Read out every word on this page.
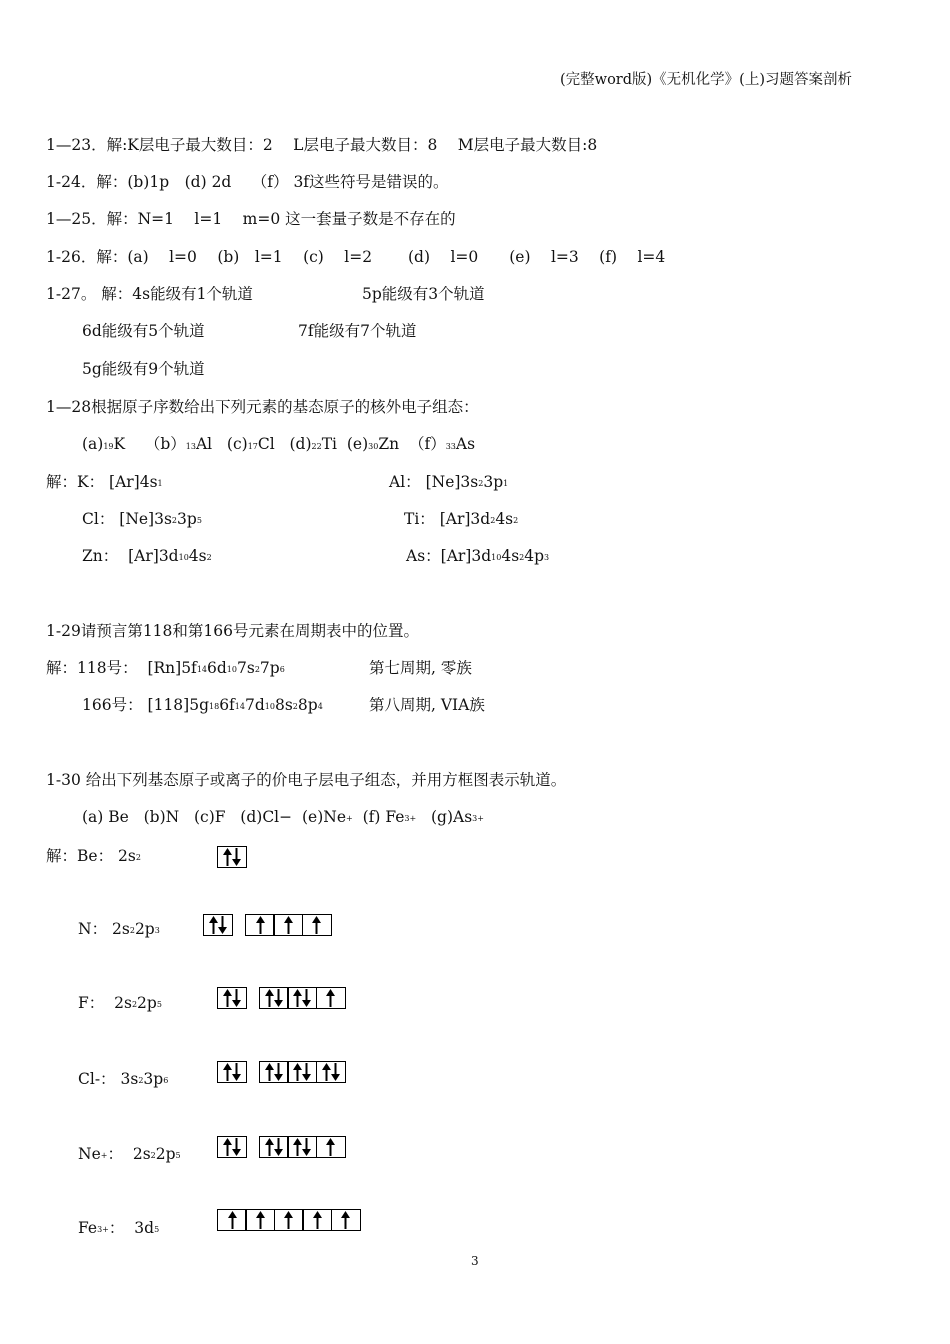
(完整word版)《无机化学》(上)习题答案剖析
1—23．解:K层电子最大数目：2　 L层电子最大数目：8　 M层电子最大数目:8
1-24．解：(b)1p　(d) 2d　 （f） 3f这些符号是错误的。
1—25．解：N=1　 l=1　 m=0 这一套量子数是不存在的
1-26．解：(a)　 l=0　 (b)　l=1　 (c)　 l=2　　 (d)　 l=0　　(e)　 l=3　 (f)　 l=4
1-27。 解：4s能级有1个轨道	5p能级有3个轨道
6d能级有5个轨道	7f能级有7个轨道
5g能级有9个轨道
1—28根据原子序数给出下列元素的基态原子的核外电子组态：
(a)19K （b）13Al (c)17Cl (d)22Ti (e)30Zn （f）33As
解：K： [Ar]4s1	Al： [Ne]3s23p1
Cl： [Ne]3s23p5	Ti： [Ar]3d24s2
Zn： [Ar]3d104s2	As：[Ar]3d104s24p3
1-29请预言第118和第166号元素在周期表中的位置。
解：118号： [Rn]5f146d107s27p6	第七周期, 零族
166号： [118]5g186f147d108s28p4	第八周期, VIA族
1-30 给出下列基态原子或离子的价电子层电子组态，并用方框图表示轨道。
(a) Be (b)N (c)F (d)Cl− (e)Ne+ (f) Fe3+ (g)As3+
解：Be： 2s2
N： 2s22p3
F： 2s22p5
Cl-： 3s23p6
Ne+： 2s22p5
Fe3+： 3d5
3
